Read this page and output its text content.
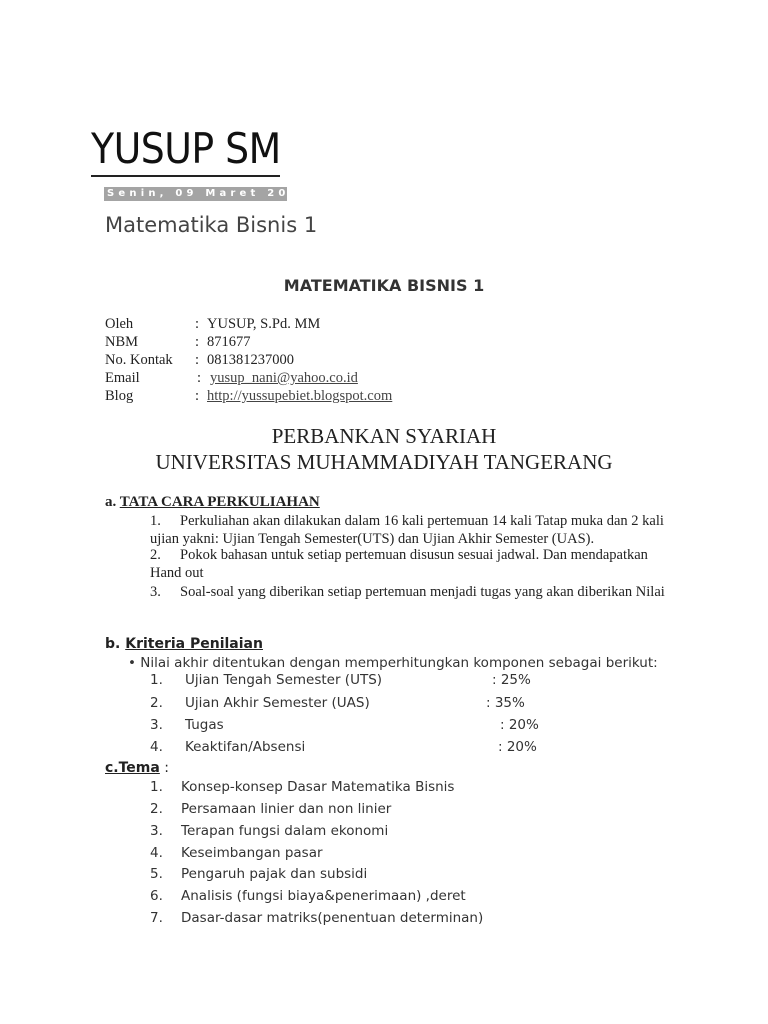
YUSUP SM
Senin, 09 Maret 2015
Matematika Bisnis 1
MATEMATIKA BISNIS 1
Oleh	: YUSUP, S.Pd. MM
NBM	: 871677
No. Kontak : 081381237000
Email	: yusup_nani@yahoo.co.id
Blog	: http://yussupebiet.blogspot.com
PERBANKAN SYARIAH
UNIVERSITAS MUHAMMADIYAH TANGERANG
a. TATA CARA PERKULIAHAN
1. Perkuliahan akan dilakukan dalam 16 kali pertemuan 14 kali Tatap muka dan 2 kali ujian yakni: Ujian Tengah Semester(UTS) dan Ujian Akhir Semester (UAS).
2. Pokok bahasan untuk setiap pertemuan disusun sesuai jadwal. Dan mendapatkan Hand out
3. Soal-soal yang diberikan setiap pertemuan menjadi tugas yang akan diberikan Nilai
b. Kriteria Penilaian
• Nilai akhir ditentukan dengan memperhitungkan komponen sebagai berikut:
1. Ujian Tengah Semester (UTS)	: 25%
2. Ujian Akhir Semester (UAS)	: 35%
3. Tugas	: 20%
4. Keaktifan/Absensi	: 20%
c.Tema :
1. Konsep-konsep Dasar Matematika Bisnis
2. Persamaan linier dan non linier
3. Terapan fungsi dalam ekonomi
4. Keseimbangan pasar
5. Pengaruh pajak dan subsidi
6. Analisis (fungsi biaya&penerimaan) ,deret
7. Dasar-dasar matriks(penentuan determinan)
